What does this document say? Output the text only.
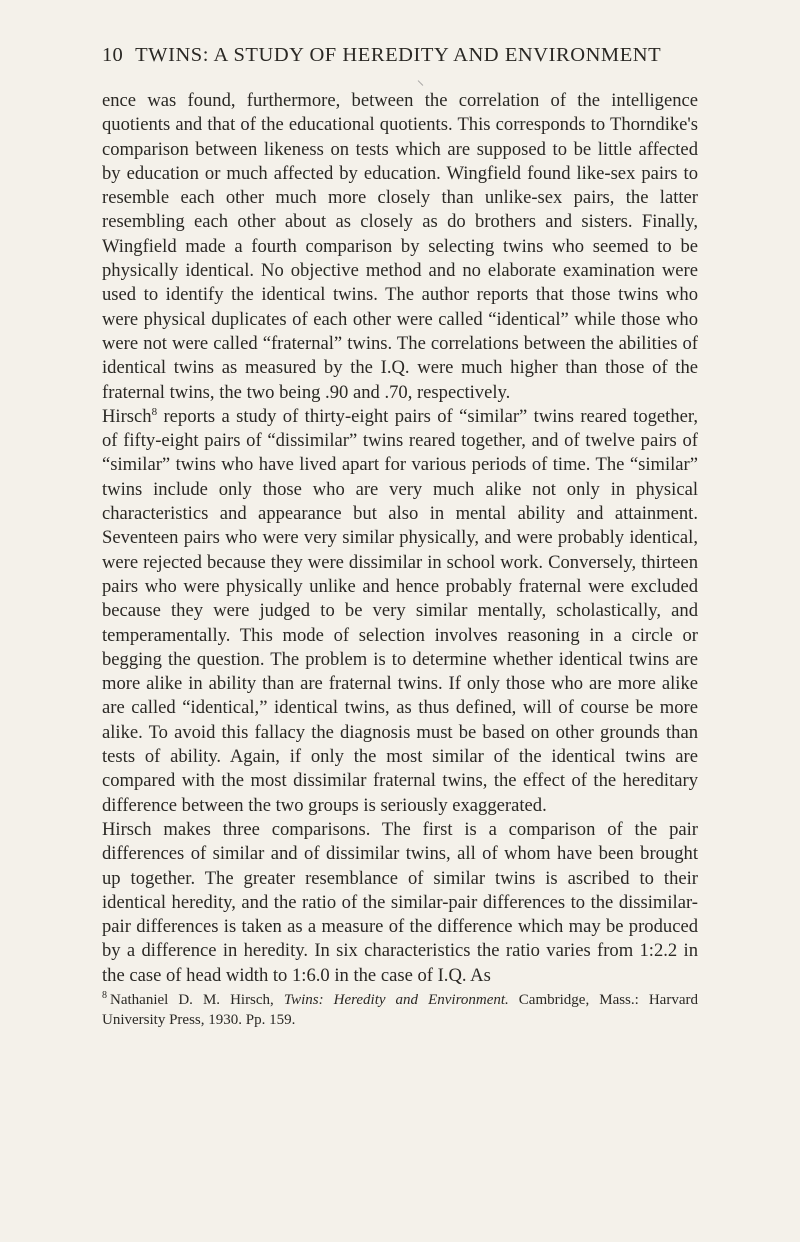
10 TWINS: A STUDY OF HEREDITY AND ENVIRONMENT

ence was found, furthermore, between the correlation of the intelligence quotients and that of the educational quotients. This corresponds to Thorndike's comparison between likeness on tests which are supposed to be little affected by education or much affected by education. Wingfield found like-sex pairs to resemble each other much more closely than unlike-sex pairs, the latter resembling each other about as closely as do brothers and sisters. Finally, Wingfield made a fourth comparison by selecting twins who seemed to be physically identical. No objective method and no elaborate examination were used to identify the identical twins. The author reports that those twins who were physical duplicates of each other were called “identical” while those who were not were called “fraternal” twins. The correlations between the abilities of identical twins as measured by the I.Q. were much higher than those of the fraternal twins, the two being .90 and .70, respectively.

Hirsch$^8$ reports a study of thirty-eight pairs of “similar” twins reared together, of fifty-eight pairs of “dissimilar” twins reared together, and of twelve pairs of “similar” twins who have lived apart for various periods of time. The “similar” twins include only those who are very much alike not only in physical characteristics and appearance but also in mental ability and attainment. Seventeen pairs who were very similar physically, and were probably identical, were rejected because they were dissimilar in school work. Conversely, thirteen pairs who were physically unlike and hence probably fraternal were excluded because they were judged to be very similar mentally, scholastically, and temperamentally. This mode of selection involves reasoning in a circle or begging the question. The problem is to determine whether identical twins are more alike in ability than are fraternal twins. If only those who are more alike are called “identical,” identical twins, as thus defined, will of course be more alike. To avoid this fallacy the diagnosis must be based on other grounds than tests of ability. Again, if only the most similar of the identical twins are compared with the most dissimilar fraternal twins, the effect of the hereditary difference between the two groups is seriously exaggerated.

Hirsch makes three comparisons. The first is a comparison of the pair differences of similar and of dissimilar twins, all of whom have been brought up together. The greater resemblance of similar twins is ascribed to their identical heredity, and the ratio of the similar-pair differences to the dissimilar-pair differences is taken as a measure of the difference which may be produced by a difference in heredity. In six characteristics the ratio varies from 1:2.2 in the case of head width to 1:6.0 in the case of I.Q. As

$^8$ Nathaniel D. M. Hirsch, Twins: Heredity and Environment. Cambridge, Mass.: Harvard University Press, 1930. Pp. 159.
